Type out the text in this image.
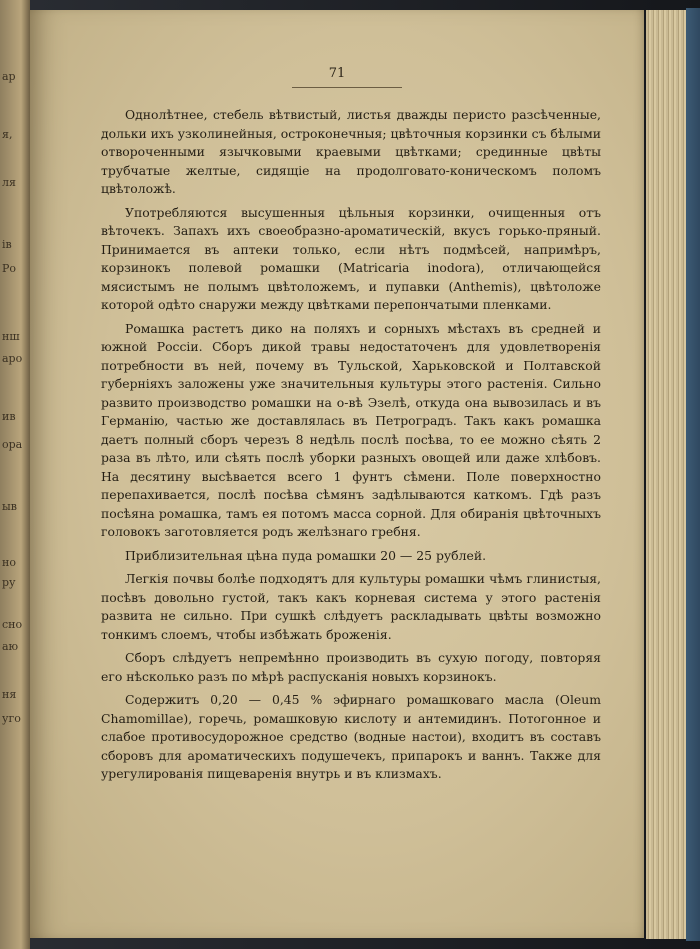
ар
я,
ля
ів
Ро
нш
аро
ив
ора
ыв
но
ру
сно
аю
ня
уго
71

Однолѣтнее, стебель вѣтвистый, листья дважды перисто разсѣченные, дольки ихъ узколинейныя, остроконечныя; цвѣточныя корзинки съ бѣлыми отвороченными язычковыми краевыми цвѣтками; срединные цвѣты трубчатые желтые, сидящіе на продолговато-коническомъ поломъ цвѣтоложѣ.

Употребляются высушенныя цѣльныя корзинки, очищенныя отъ вѣточекъ. Запахъ ихъ своеобразно-ароматическій, вкусъ горько-пряный. Принимается въ аптеки только, если нѣтъ подмѣсей, напримѣръ, корзинокъ полевой ромашки (Matricaria inodora), отличающейся мясистымъ не полымъ цвѣтоложемъ, и пупавки (Anthemis), цвѣтоложе которой одѣто снаружи между цвѣтками перепончатыми пленками.

Ромашка растетъ дико на поляхъ и сорныхъ мѣстахъ въ средней и южной Россіи. Сборъ дикой травы недостаточенъ для удовлетворенія потребности въ ней, почему въ Тульской, Харьковской и Полтавской губерніяхъ заложены уже значительныя культуры этого растенія. Сильно развито производство ромашки на о-вѣ Эзелѣ, откуда она вывозилась и въ Германію, частью же доставлялась въ Петроградъ. Такъ какъ ромашка даетъ полный сборъ черезъ 8 недѣль послѣ посѣва, то ее можно сѣять 2 раза въ лѣто, или сѣять послѣ уборки разныхъ овощей или даже хлѣбовъ. На десятину высѣвается всего 1 фунтъ сѣмени. Поле поверхностно перепахивается, послѣ посѣва сѣмянъ задѣлываются каткомъ. Гдѣ разъ посѣяна ромашка, тамъ ея потомъ масса сорной. Для обиранія цвѣточныхъ головокъ заготовляется родъ желѣзнаго гребня.

Приблизительная цѣна пуда ромашки 20 — 25 рублей.

Легкія почвы болѣе подходятъ для культуры ромашки чѣмъ глинистыя, посѣвъ довольно густой, такъ какъ корневая система у этого растенія развита не сильно. При сушкѣ слѣдуетъ раскладывать цвѣты возможно тонкимъ слоемъ, чтобы избѣжать броженія.

Сборъ слѣдуетъ непремѣнно производить въ сухую погоду, повторяя его нѣсколько разъ по мѣрѣ распусканія новыхъ корзинокъ.

Содержитъ 0,20 — 0,45 % эфирнаго ромашковаго масла (Oleum Chamomillae), горечь, ромашковую кислоту и антемидинъ. Потогонное и слабое противосудорожное средство (водные настои), входитъ въ составъ сборовъ для ароматическихъ подушечекъ, припарокъ и ваннъ. Также для урегулированія пищеваренія внутрь и въ клизмахъ.
